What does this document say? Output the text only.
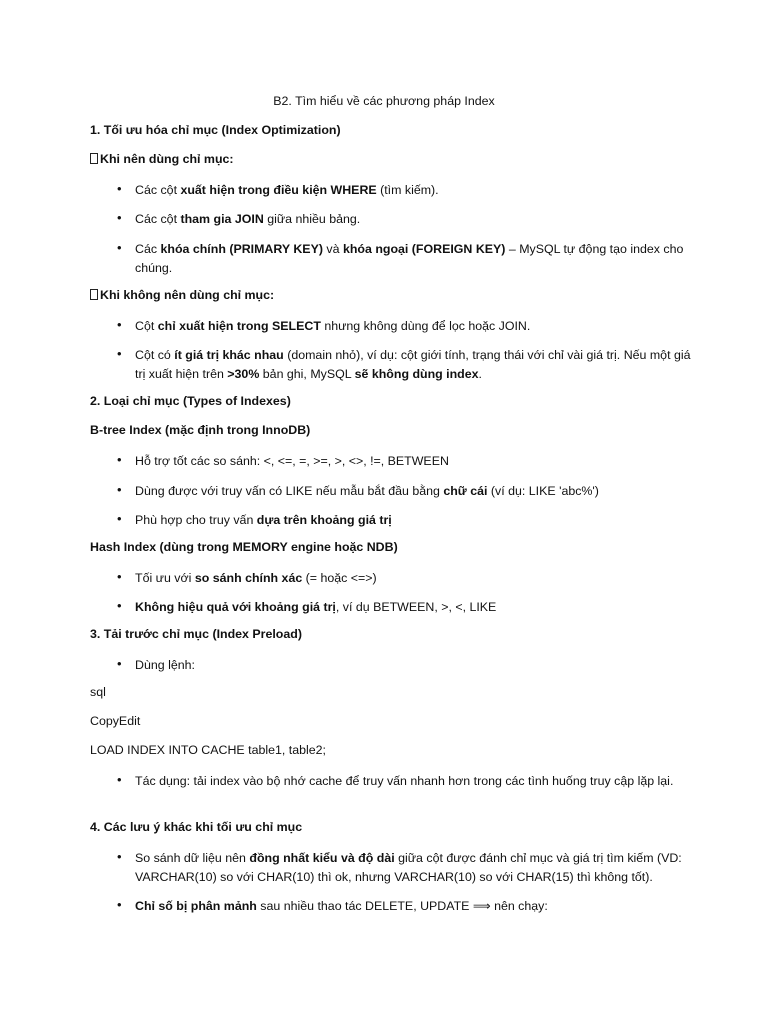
B2. Tìm hiểu về các phương pháp Index
1. Tối ưu hóa chỉ mục (Index Optimization)
Khi nên dùng chỉ mục:
• Các cột xuất hiện trong điều kiện WHERE (tìm kiếm).
• Các cột tham gia JOIN giữa nhiều bảng.
• Các khóa chính (PRIMARY KEY) và khóa ngoại (FOREIGN KEY) – MySQL tự động tạo index cho chúng.
Khi không nên dùng chỉ mục:
• Cột chỉ xuất hiện trong SELECT nhưng không dùng để lọc hoặc JOIN.
• Cột có ít giá trị khác nhau (domain nhỏ), ví dụ: cột giới tính, trạng thái với chỉ vài giá trị. Nếu một giá trị xuất hiện trên >30% bản ghi, MySQL sẽ không dùng index.
2. Loại chỉ mục (Types of Indexes)
B-tree Index (mặc định trong InnoDB)
• Hỗ trợ tốt các so sánh: <, <=, =, >=, >, <>, !=, BETWEEN
• Dùng được với truy vấn có LIKE nếu mẫu bắt đầu bằng chữ cái (ví dụ: LIKE 'abc%')
• Phù hợp cho truy vấn dựa trên khoảng giá trị
Hash Index (dùng trong MEMORY engine hoặc NDB)
• Tối ưu với so sánh chính xác (= hoặc <=>)
• Không hiệu quả với khoảng giá trị, ví dụ BETWEEN, >, <, LIKE
3. Tải trước chỉ mục (Index Preload)
• Dùng lệnh:
sql
CopyEdit
LOAD INDEX INTO CACHE table1, table2;
• Tác dụng: tải index vào bộ nhớ cache để truy vấn nhanh hơn trong các tình huống truy cập lặp lại.
4. Các lưu ý khác khi tối ưu chỉ mục
• So sánh dữ liệu nên đồng nhất kiểu và độ dài giữa cột được đánh chỉ mục và giá trị tìm kiếm (VD: VARCHAR(10) so với CHAR(10) thì ok, nhưng VARCHAR(10) so với CHAR(15) thì không tốt).
• Chỉ số bị phân mảnh sau nhiều thao tác DELETE, UPDATE ⟹ nên chạy:
